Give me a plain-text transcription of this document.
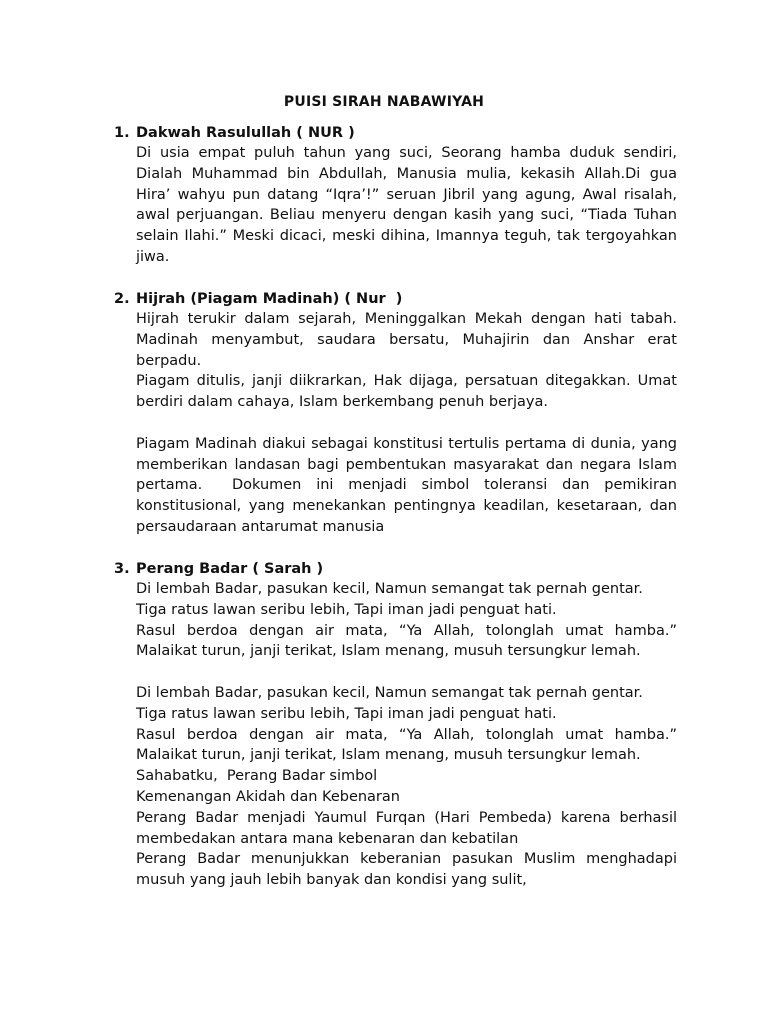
PUISI SIRAH NABAWIYAH
1. Dakwah Rasulullah ( NUR )
Di usia empat puluh tahun yang suci, Seorang hamba duduk sendiri, Dialah Muhammad bin Abdullah, Manusia mulia, kekasih Allah.Di gua Hira’ wahyu pun datang “Iqra’!” seruan Jibril yang agung, Awal risalah, awal perjuangan. Beliau menyeru dengan kasih yang suci, “Tiada Tuhan selain Ilahi.” Meski dicaci, meski dihina, Imannya teguh, tak tergoyahkan jiwa.
2. Hijrah (Piagam Madinah) ( Nur  )
Hijrah terukir dalam sejarah, Meninggalkan Mekah dengan hati tabah. Madinah menyambut, saudara bersatu, Muhajirin dan Anshar erat berpadu.
Piagam ditulis, janji diikrarkan, Hak dijaga, persatuan ditegakkan. Umat berdiri dalam cahaya, Islam berkembang penuh berjaya.
Piagam Madinah diakui sebagai konstitusi tertulis pertama di dunia, yang memberikan landasan bagi pembentukan masyarakat dan negara Islam pertama.  Dokumen ini menjadi simbol toleransi dan pemikiran konstitusional, yang menekankan pentingnya keadilan, kesetaraan, dan persaudaraan antarumat manusia
3. Perang Badar ( Sarah )
Di lembah Badar, pasukan kecil, Namun semangat tak pernah gentar.
Tiga ratus lawan seribu lebih, Tapi iman jadi penguat hati.
Rasul berdoa dengan air mata, “Ya Allah, tolonglah umat hamba.” Malaikat turun, janji terikat, Islam menang, musuh tersungkur lemah.
Di lembah Badar, pasukan kecil, Namun semangat tak pernah gentar.
Tiga ratus lawan seribu lebih, Tapi iman jadi penguat hati.
Rasul berdoa dengan air mata, “Ya Allah, tolonglah umat hamba.” Malaikat turun, janji terikat, Islam menang, musuh tersungkur lemah.
Sahabatku,  Perang Badar simbol
Kemenangan Akidah dan Kebenaran
Perang Badar menjadi Yaumul Furqan (Hari Pembeda) karena berhasil membedakan antara mana kebenaran dan kebatilan
Perang Badar menunjukkan keberanian pasukan Muslim menghadapi musuh yang jauh lebih banyak dan kondisi yang sulit,
